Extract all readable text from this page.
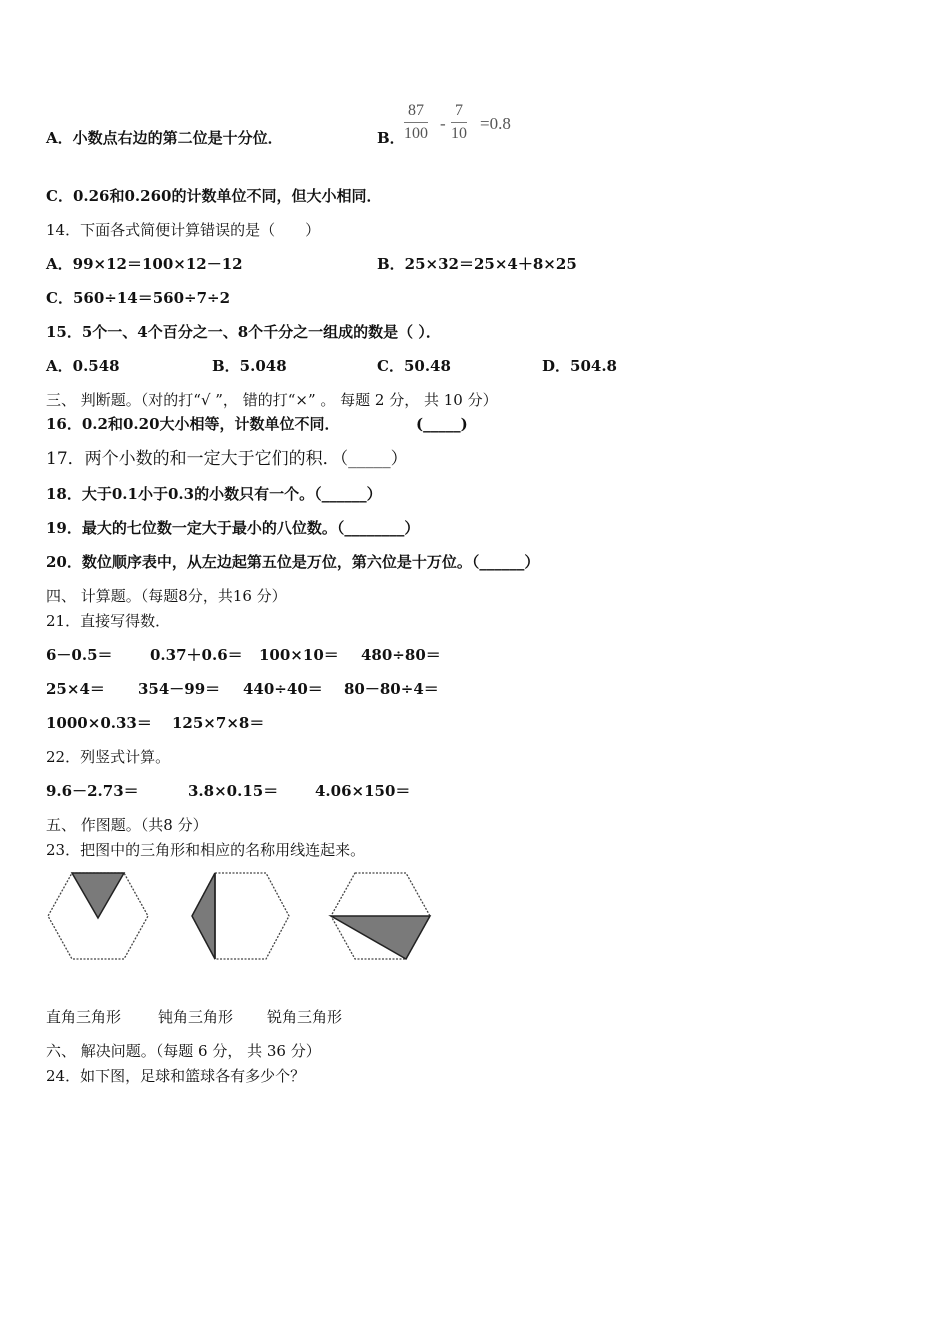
A．小数点右边的第二位是十分位．	B． $\frac{87}{100} - \frac{7}{10} =0.8$
C．0.26和0.260的计数单位不同，但大小相同．
14．下面各式简便计算错误的是（　　）
A．99×12＝100×12－12	B．25×32＝25×4＋8×25
C．560÷14＝560÷7÷2
15．5个一、4个百分之一、8个千分之一组成的数是（ ）．
A．0.548	B．5.048	C．50.48	D．504.8
三、 判断题。（对的打“√ ”， 错的打“×” 。 每题 2 分， 共 10 分）
16．0.2和0.20大小相等，计数单位不同．	(_____)
17．两个小数的和一定大于它们的积．（_____）
18．大于0.1小于0.3的小数只有一个。（______）
19．最大的七位数一定大于最小的八位数。（________）
20．数位顺序表中，从左边起第五位是万位，第六位是十万位。（______）
四、 计算题。（每题8分，共16 分）
21．直接写得数．
6－0.5＝ 0.37＋0.6＝ 100×10＝ 480÷80＝
25×4＝ 354－99＝ 440÷40＝ 80－80÷4＝
1000×0.33＝ 125×7×8＝
22．列竖式计算。
9.6－2.73＝	3.8×0.15＝ 4.06×150＝
五、 作图题。（共8 分）
23．把图中的三角形和相应的名称用线连起来。
直角三角形 钝角三角形 锐角三角形
六、 解决问题。（每题 6 分， 共 36 分）
24．如下图，足球和篮球各有多少个？
